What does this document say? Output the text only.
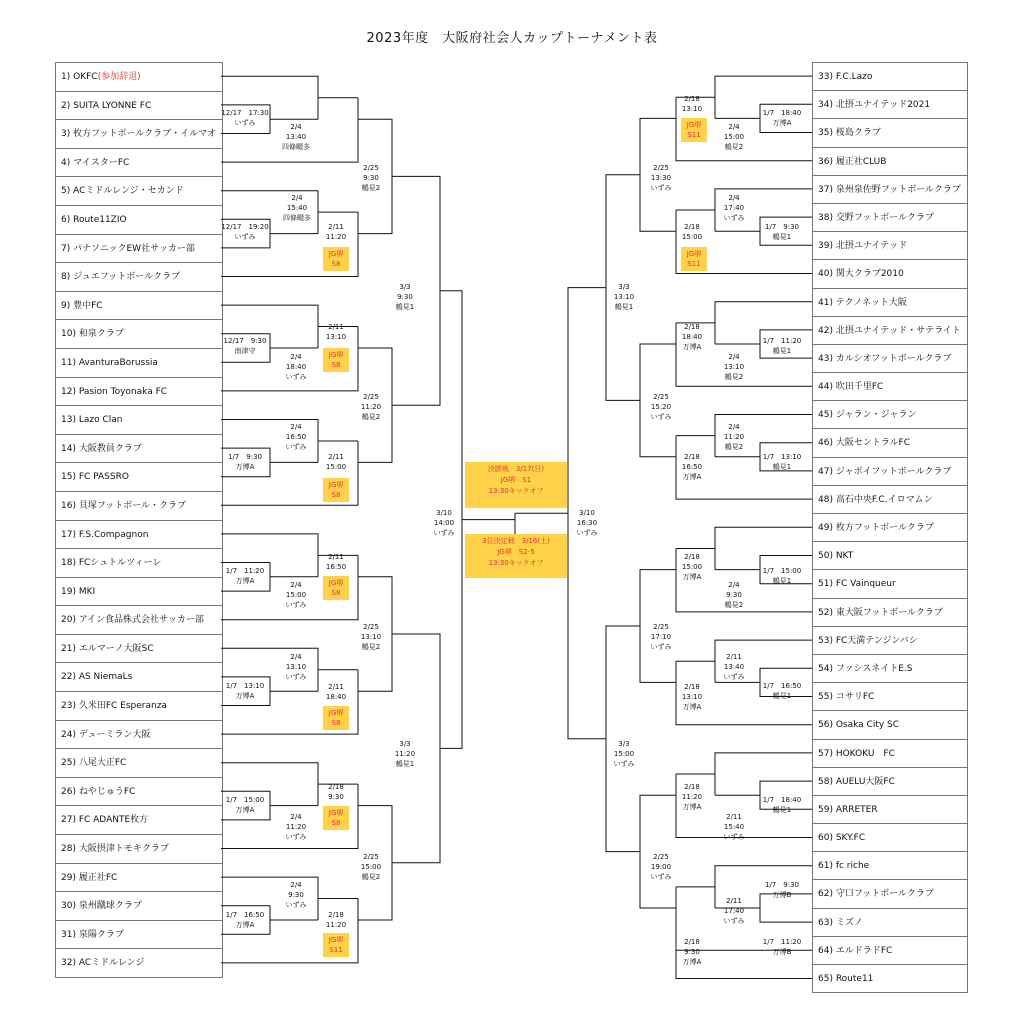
2023年度　大阪府社会人カップトーナメント表
1) OKFC(参加辞退)
2) SUITA LYONNE FC
3) 枚方フットボールクラブ・イルマオ
4) マイスターFC
5) ACミドルレンジ・セカンド
6) Route11ZIO
7) パナソニックEW社サッカー部
8) ジュエフットボールクラブ
9) 豊中FC
10) 和泉クラブ
11) AvanturaBorussia
12) Pasion Toyonaka FC
13) Lazo Clan
14) 大阪教員クラブ
15) FC PASSRO
16) 貝塚フットボール・クラブ
17) F.S.Compagnon
18) FCシュトルツィーレ
19) MKI
20) アイン食品株式会社サッカー部
21) エルマーノ大阪SC
22) AS NiemaLs
23) 久米田FC Esperanza
24) デューミラン大阪
25) 八尾大正FC
26) ねやじゅうFC
27) FC ADANTE枚方
28) 大阪摂津トモキクラブ
29) 履正社FC
30) 泉州蹴球クラブ
31) 泉陽クラブ
32) ACミドルレンジ
33) F.C.Lazo
34) 北摂ユナイテッド2021
35) 桜島クラブ
36) 履正社CLUB
37) 泉州泉佐野フットボールクラブ
38) 交野フットボールクラブ
39) 北摂ユナイテッド
40) 関大クラブ2010
41) テクノネット大阪
42) 北摂ユナイテッド・サテライト
43) カルシオフットボールクラブ
44) 吹田千里FC
45) ジャラン・ジャラン
46) 大阪セントラルFC
47) ジャボイフットボールクラブ
48) 高石中央F.C.イロマムン
49) 枚方フットボールクラブ
50) NKT
51) FC Vainqueur
52) 東大阪フットボールクラブ
53) FC天満テンジンバシ
54) ファシスネイトE.S
55) コサリFC
56) Osaka City SC
57) HOKOKU　FC
58) AUELU大阪FC
59) ARRETER
60) SKY.FC
61) fc riche
62) 守口フットボールクラブ
63) ミズノ
64) エルドラドFC
65) Route11
12/17　17:30
いずみ	2/4
13:40
四條畷多
2/25
9:30
鶴見2
2/4
15:40
四條畷多
12/17　19:20
いずみ
2/11
11:20
3/3
9:30
鶴見1
12/17　9:30
南津守
2/11
13:10
2/4
18:40
いずみ
2/25
11:20
鶴見2
2/4
16:50
いずみ
1/7　9:30
万博A
2/11
15:00
3/10
14:00
いずみ
1/7　11:20
万博A
2/11
16:50
2/4
15:00
いずみ
2/25
13:10
鶴見2
2/4
13:10
いずみ
1/7　13:10
万博A
2/11
18:40
3/3
11:20
鶴見1
2/18
9:30
1/7　15:00
万博A
2/4
11:20
いずみ
2/25
15:00
鶴見2
2/4
9:30
いずみ
1/7　16:50
万博A
2/18
11:20
2/18
13:10	1/7　18:40
万博A
2/4
15:00
鶴見2
2/25
13:30
いずみ
2/4
17:40
いずみ
2/18
15:00
1/7　9:30
鶴見1
3/3
13:10
鶴見1
2/18
18:40
万博A
1/7　11:20
鶴見1
2/4
13:10
鶴見2
2/25
15:20
いずみ
2/4
11:20
鶴見2
2/18
16:50
万博A
1/7　13:10
鶴見1
3/10
16:30
いずみ
2/18
15:00
万博A
1/7　15:00
鶴見1
2/4
9:30
鶴見2
2/25
17:10
いずみ
2/11
13:40
いずみ
2/18
13:10
万博A
1/7　16:50
鶴見1
3/3
15:00
いずみ
2/18
11:20
万博A
1/7　18:40
鶴見1
2/11
15:40
いずみ
2/25
19:00
いずみ
1/7　9:30
万博B
2/11
17:40
いずみ
2/18
9:30
万博A
1/7　11:20
万博B
JG堺
S8
JG堺
S8
JG堺
S8
JG堺
S8
JG堺
S8
JG堺
S8
JG堺
S11
JG堺
S11
JG堺
S11
決勝戦　3/17(日)
JG堺　S1
13:30キックオフ
3位決定戦　3/16(土)
JG堺　S2-5
13:30キックオフ
